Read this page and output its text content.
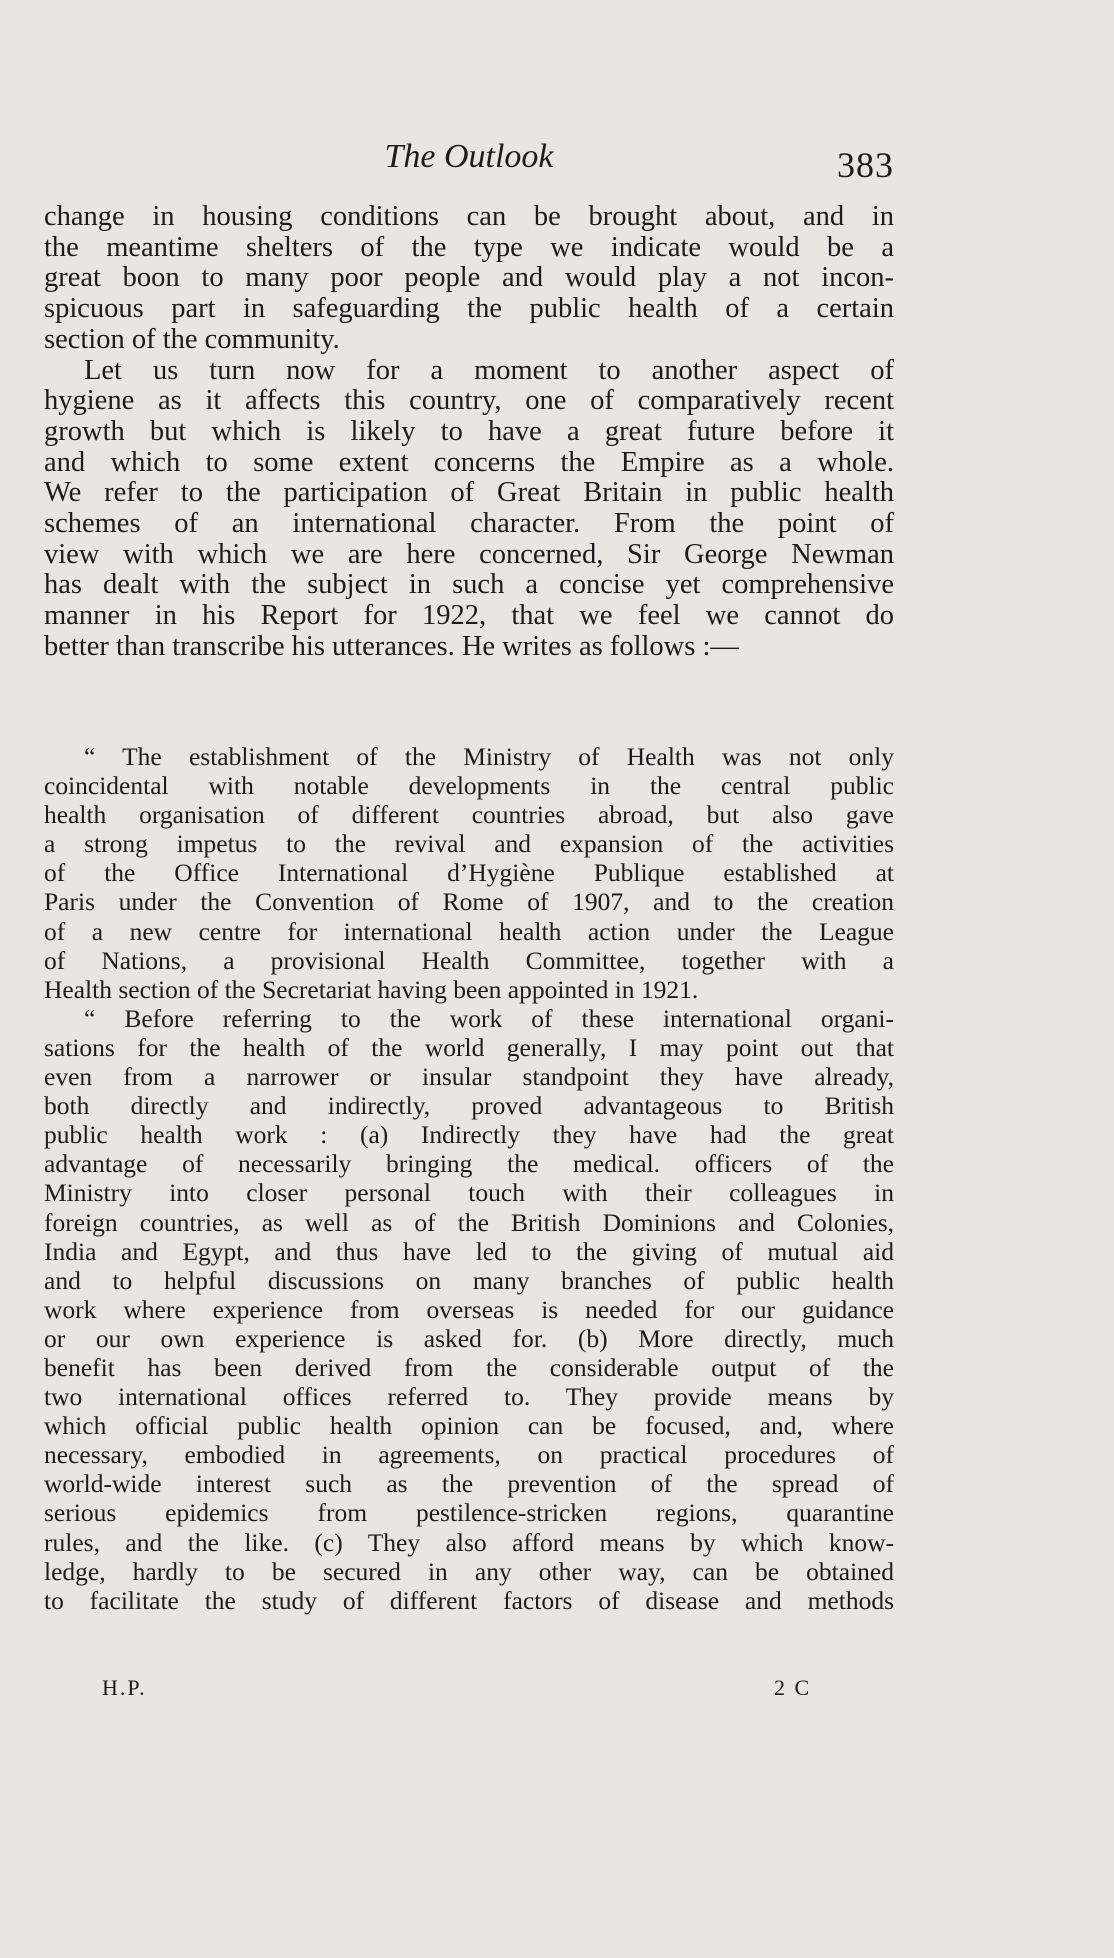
The Outlook	383
change in housing conditions can be brought about, and in
the meantime shelters of the type we indicate would be a
great boon to many poor people and would play a not incon-
spicuous part in safeguarding the public health of a certain
section of the community.
Let us turn now for a moment to another aspect of
hygiene as it affects this country, one of comparatively recent
growth but which is likely to have a great future before it
and which to some extent concerns the Empire as a whole.
We refer to the participation of Great Britain in public health
schemes of an international character. From the point of
view with which we are here concerned, Sir George Newman
has dealt with the subject in such a concise yet comprehensive
manner in his Report for 1922, that we feel we cannot do
better than transcribe his utterances. He writes as follows :—
“ The establishment of the Ministry of Health was not only
coincidental with notable developments in the central public
health organisation of different countries abroad, but also gave
a strong impetus to the revival and expansion of the activities
of the Office International d’Hygiène Publique established at
Paris under the Convention of Rome of 1907, and to the creation
of a new centre for international health action under the League
of Nations, a provisional Health Committee, together with a
Health section of the Secretariat having been appointed in 1921.
“ Before referring to the work of these international organi-
sations for the health of the world generally, I may point out that
even from a narrower or insular standpoint they have already,
both directly and indirectly, proved advantageous to British
public health work : (a) Indirectly they have had the great
advantage of necessarily bringing the medical. officers of the
Ministry into closer personal touch with their colleagues in
foreign countries, as well as of the British Dominions and Colonies,
India and Egypt, and thus have led to the giving of mutual aid
and to helpful discussions on many branches of public health
work where experience from overseas is needed for our guidance
or our own experience is asked for. (b) More directly, much
benefit has been derived from the considerable output of the
two international offices referred to. They provide means by
which official public health opinion can be focused, and, where
necessary, embodied in agreements, on practical procedures of
world-wide interest such as the prevention of the spread of
serious epidemics from pestilence-stricken regions, quarantine
rules, and the like. (c) They also afford means by which know-
ledge, hardly to be secured in any other way, can be obtained
to facilitate the study of different factors of disease and methods
H.P.	2 C
